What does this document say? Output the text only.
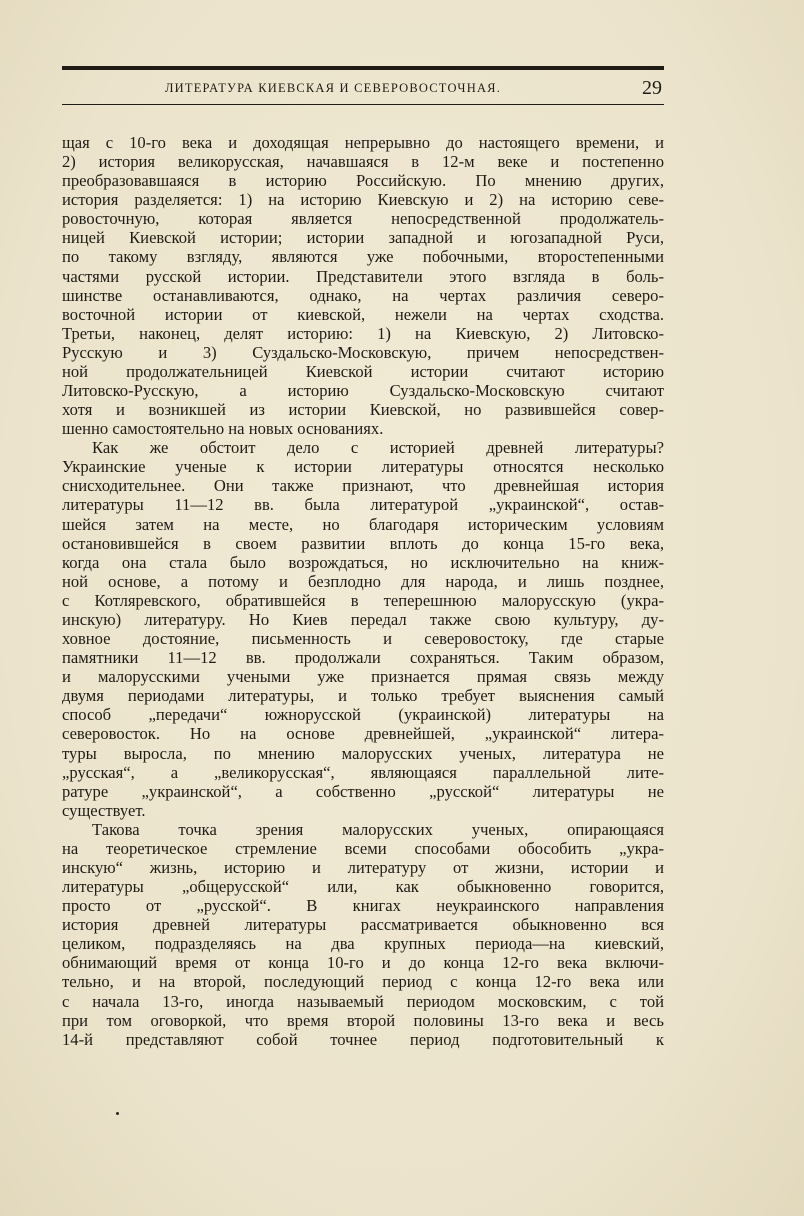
ЛИТЕРАТУРА КИЕВСКАЯ И СЕВЕРОВОСТОЧНАЯ.	29
щая с 10-го века и доходящая непрерывно до настоящего времени, и
2) история великорусская, начавшаяся в 12-м веке и постепенно
преобразовавшаяся в историю Российскую. По мнению других,
история разделяется: 1) на историю Киевскую и 2) на историю севе-
ровосточную, которая является непосредственной продолжатель-
ницей Киевской истории; истории западной и югозападной Руси,
по такому взгляду, являются уже побочными, второстепенными
частями русской истории. Представители этого взгляда в боль-
шинстве останавливаются, однако, на чертах различия северо-
восточной истории от киевской, нежели на чертах сходства.
Третьи, наконец, делят историю: 1) на Киевскую, 2) Литовско-
Русскую и 3) Суздальско-Московскую, причем непосредствен-
ной продолжательницей Киевской истории считают историю
Литовско-Русскую, а историю Суздальско-Московскую считают
хотя и возникшей из истории Киевской, но развившейся совер-
шенно самостоятельно на новых основаниях.
Как же обстоит дело с историей древней литературы?
Украинские ученые к истории литературы относятся несколько
снисходительнее. Они также признают, что древнейшая история
литературы 11—12 вв. была литературой „украинской“, остав-
шейся затем на месте, но благодаря историческим условиям
остановившейся в своем развитии вплоть до конца 15-го века,
когда она стала было возрождаться, но исключительно на книж-
ной основе, а потому и безплодно для народа, и лишь позднее,
с Котляревского, обратившейся в теперешнюю малорусскую (укра-
инскую) литературу. Но Киев передал также свою культуру, ду-
ховное достояние, письменность и северовостоку, где старые
памятники 11—12 вв. продолжали сохраняться. Таким образом,
и малорусскими учеными уже признается прямая связь между
двумя периодами литературы, и только требует выяснения самый
способ „передачи“ южнорусской (украинской) литературы на
северовосток. Но на основе древнейшей, „украинской“ литера-
туры выросла, по мнению малорусских ученых, литература не
„русская“, а „великорусская“, являющаяся параллельной лите-
ратуре „украинской“, а собственно „русской“ литературы не
существует.
Такова точка зрения малорусских ученых, опирающаяся
на теоретическое стремление всеми способами обособить „укра-
инскую“ жизнь, историю и литературу от жизни, истории и
литературы „общерусской“ или, как обыкновенно говорится,
просто от „русской“. В книгах неукраинского направления
история древней литературы рассматривается обыкновенно вся
целиком, подразделяясь на два крупных периода—на киевский,
обнимающий время от конца 10-го и до конца 12-го века включи-
тельно, и на второй, последующий период с конца 12-го века или
с начала 13-го, иногда называемый периодом московским, с той
при том оговоркой, что время второй половины 13-го века и весь
14-й представляют собой точнее период подготовительный к
